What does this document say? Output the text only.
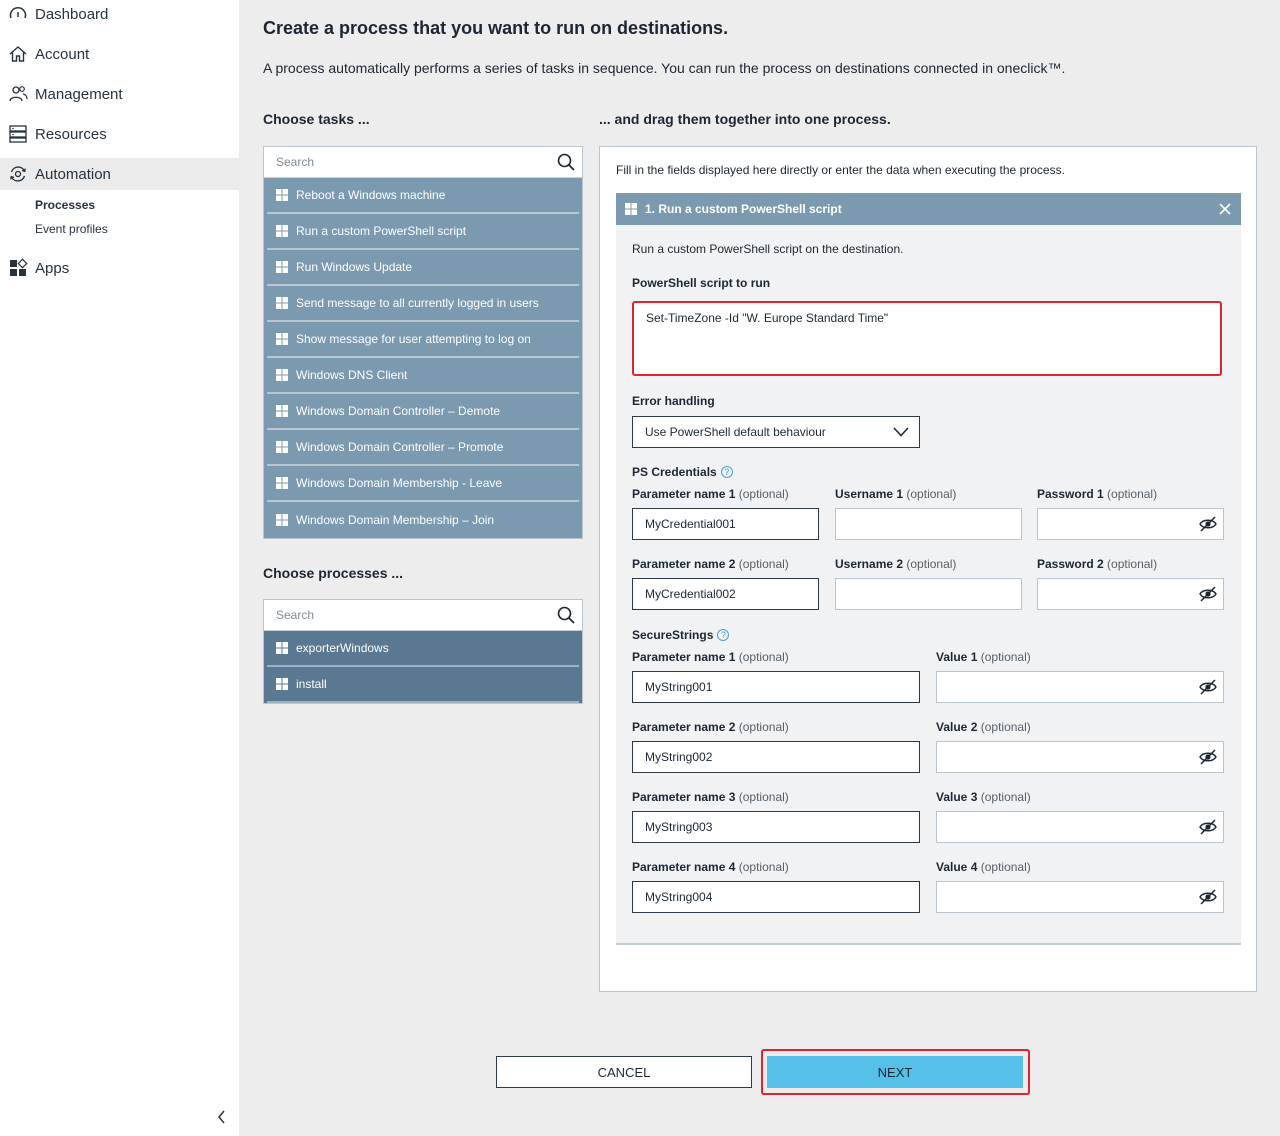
Dashboard
Account
Management
Resources
Automation
Processes
Event profiles
Apps
Create a process that you want to run on destinations.
A process automatically performs a series of tasks in sequence. You can run the process on destinations connected in oneclick™.
Choose tasks ...
Search
Reboot a Windows machine
Run a custom PowerShell script
Run Windows Update
Send message to all currently logged in users
Show message for user attempting to log on
Windows DNS Client
Windows Domain Controller – Demote
Windows Domain Controller – Promote
Windows Domain Membership - Leave
Windows Domain Membership – Join
Choose processes ...
Search
exporterWindows
install
... and drag them together into one process.
Fill in the fields displayed here directly or enter the data when executing the process.
1. Run a custom PowerShell script
Run a custom PowerShell script on the destination.
PowerShell script to run
Set-TimeZone -Id "W. Europe Standard Time"
Error handling
Use PowerShell default behaviour
PS Credentials ?
Parameter name 1 (optional)	Username 1 (optional)	Password 1 (optional)
MyCredential001
Parameter name 2 (optional)	Username 2 (optional)	Password 2 (optional)
MyCredential002
SecureStrings ?
Parameter name 1 (optional)	Value 1 (optional)
MyString001
Parameter name 2 (optional)	Value 2 (optional)
MyString002
Parameter name 3 (optional)	Value 3 (optional)
MyString003
Parameter name 4 (optional)	Value 4 (optional)
MyString004
CANCEL	NEXT
